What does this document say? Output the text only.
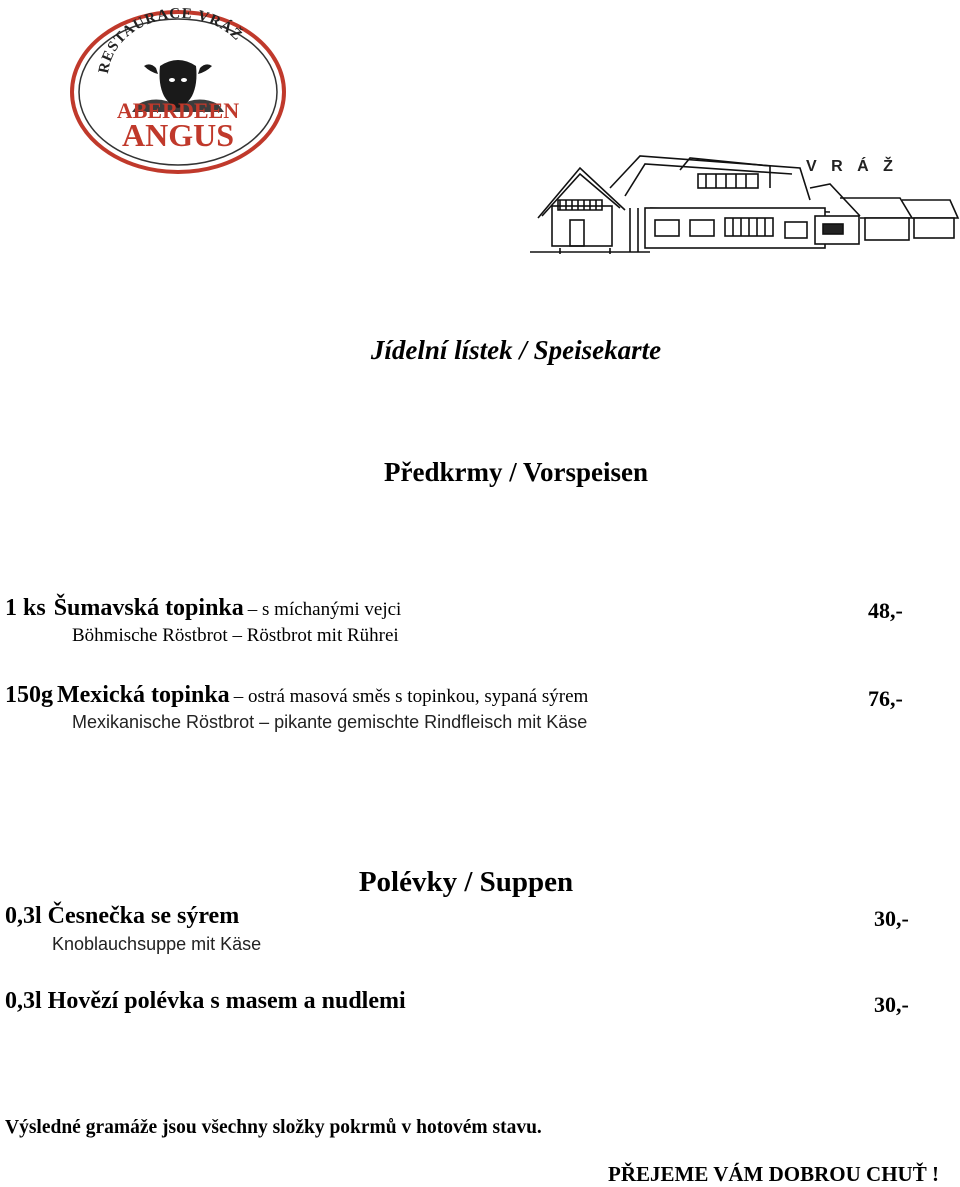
RESTAURACE VRÁŽ
ABERDEEN
ANGUS
V R Á Ž
Jídelní lístek / Speisekarte
Předkrmy / Vorspeisen
1 ks Šumavská topinka – s míchanými vejci	48,-
Böhmische Röstbrot – Röstbrot mit Rührei
150g Mexická topinka – ostrá masová směs s topinkou, sypaná sýrem	76,-
Mexikanische Röstbrot – pikante gemischte Rindfleisch mit Käse
Polévky / Suppen
0,3l Česnečka se sýrem	30,-
Knoblauchsuppe mit Käse
0,3l Hovězí polévka s masem a nudlemi	30,-
Výsledné gramáže jsou všechny složky pokrmů v hotovém stavu.
PŘEJEME VÁM DOBROU CHUŤ !
